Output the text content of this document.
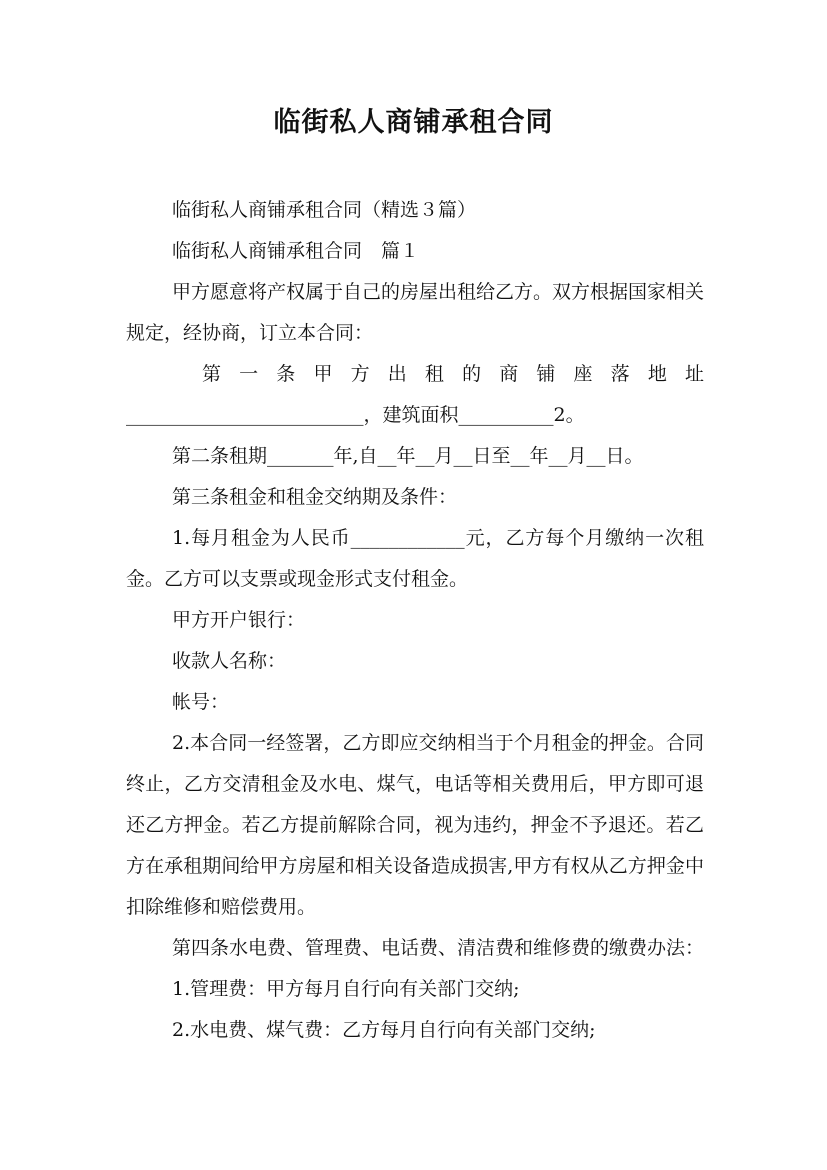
临街私人商铺承租合同

临街私人商铺承租合同（精选３篇）

临街私人商铺承租合同　篇１

甲方愿意将产权属于自己的房屋出租给乙方。双方根据国家相关规定，经协商，订立本合同：

第一条甲方出租的商铺座落地址

_________________________，建筑面积__________2。

第二条租期_______年,自__年__月__日至__年__月__日。

第三条租金和租金交纳期及条件：

1.每月租金为人民币____________元，乙方每个月缴纳一次租金。乙方可以支票或现金形式支付租金。

甲方开户银行：

收款人名称：

帐号：

2.本合同一经签署，乙方即应交纳相当于个月租金的押金。合同终止，乙方交清租金及水电、煤气，电话等相关费用后，甲方即可退还乙方押金。若乙方提前解除合同，视为违约，押金不予退还。若乙方在承租期间给甲方房屋和相关设备造成损害,甲方有权从乙方押金中扣除维修和赔偿费用。

第四条水电费、管理费、电话费、清洁费和维修费的缴费办法：

1.管理费：甲方每月自行向有关部门交纳;

2.水电费、煤气费：乙方每月自行向有关部门交纳;
